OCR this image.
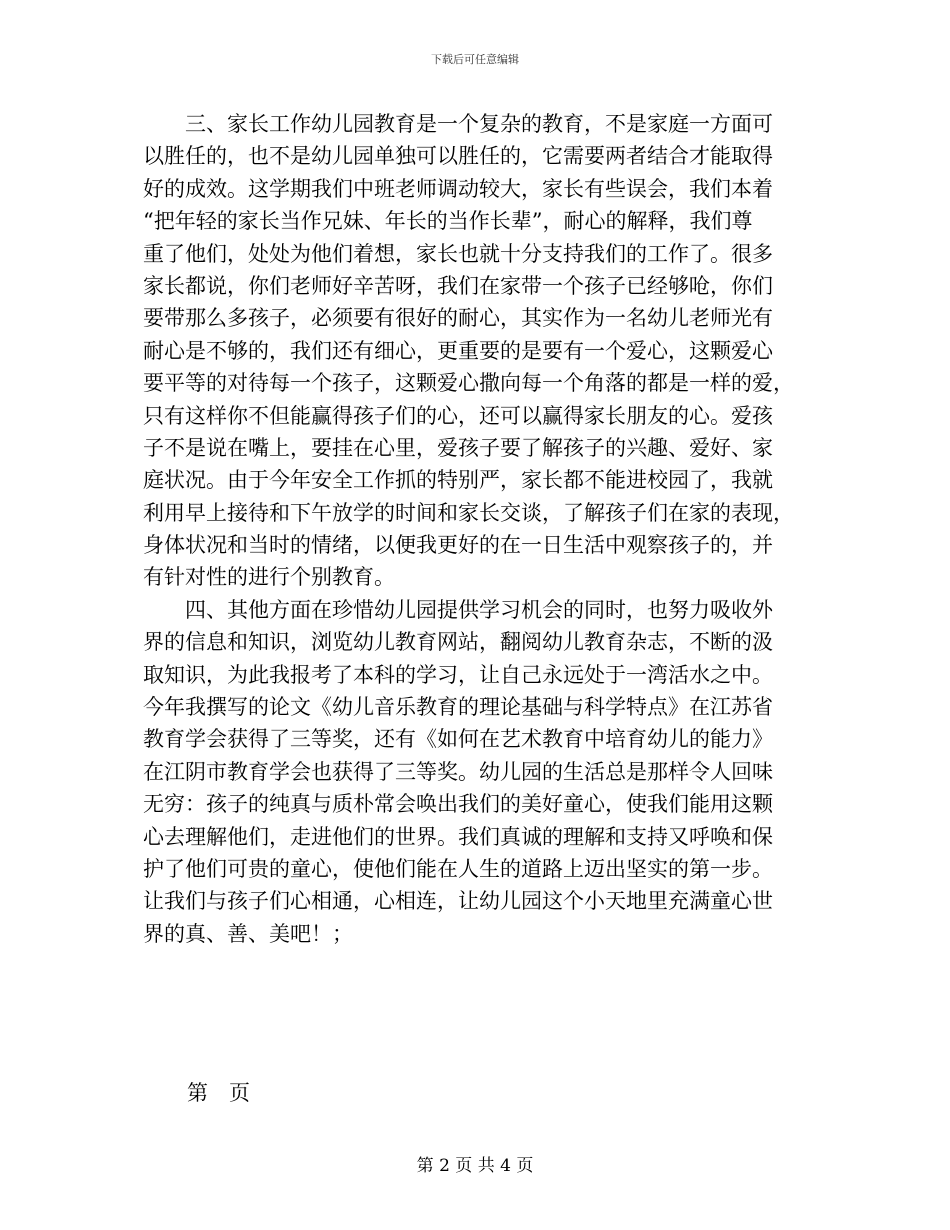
下载后可任意编辑
三、家长工作幼儿园教育是一个复杂的教育，不是家庭一方面可
以胜任的，也不是幼儿园单独可以胜任的，它需要两者结合才能取得
好的成效。这学期我们中班老师调动较大，家长有些误会，我们本着
“把年轻的家长当作兄妹、年长的当作长辈”，耐心的解释，我们尊
重了他们，处处为他们着想，家长也就十分支持我们的工作了。很多
家长都说，你们老师好辛苦呀，我们在家带一个孩子已经够呛，你们
要带那么多孩子，必须要有很好的耐心，其实作为一名幼儿老师光有
耐心是不够的，我们还有细心，更重要的是要有一个爱心，这颗爱心
要平等的对待每一个孩子，这颗爱心撒向每一个角落的都是一样的爱，
只有这样你不但能赢得孩子们的心，还可以赢得家长朋友的心。爱孩
子不是说在嘴上，要挂在心里，爱孩子要了解孩子的兴趣、爱好、家
庭状况。由于今年安全工作抓的特别严，家长都不能进校园了，我就
利用早上接待和下午放学的时间和家长交谈，了解孩子们在家的表现，
身体状况和当时的情绪，以便我更好的在一日生活中观察孩子的，并
有针对性的进行个别教育。
四、其他方面在珍惜幼儿园提供学习机会的同时，也努力吸收外
界的信息和知识，浏览幼儿教育网站，翻阅幼儿教育杂志，不断的汲
取知识，为此我报考了本科的学习，让自己永远处于一湾活水之中。
今年我撰写的论文《幼儿音乐教育的理论基础与科学特点》在江苏省
教育学会获得了三等奖，还有《如何在艺术教育中培育幼儿的能力》
在江阴市教育学会也获得了三等奖。幼儿园的生活总是那样令人回味
无穷：孩子的纯真与质朴常会唤出我们的美好童心，使我们能用这颗
心去理解他们，走进他们的世界。我们真诚的理解和支持又呼唤和保
护了他们可贵的童心，使他们能在人生的道路上迈出坚实的第一步。
让我们与孩子们心相通，心相连，让幼儿园这个小天地里充满童心世
界的真、善、美吧！；
第　页
第 2 页 共 4 页
